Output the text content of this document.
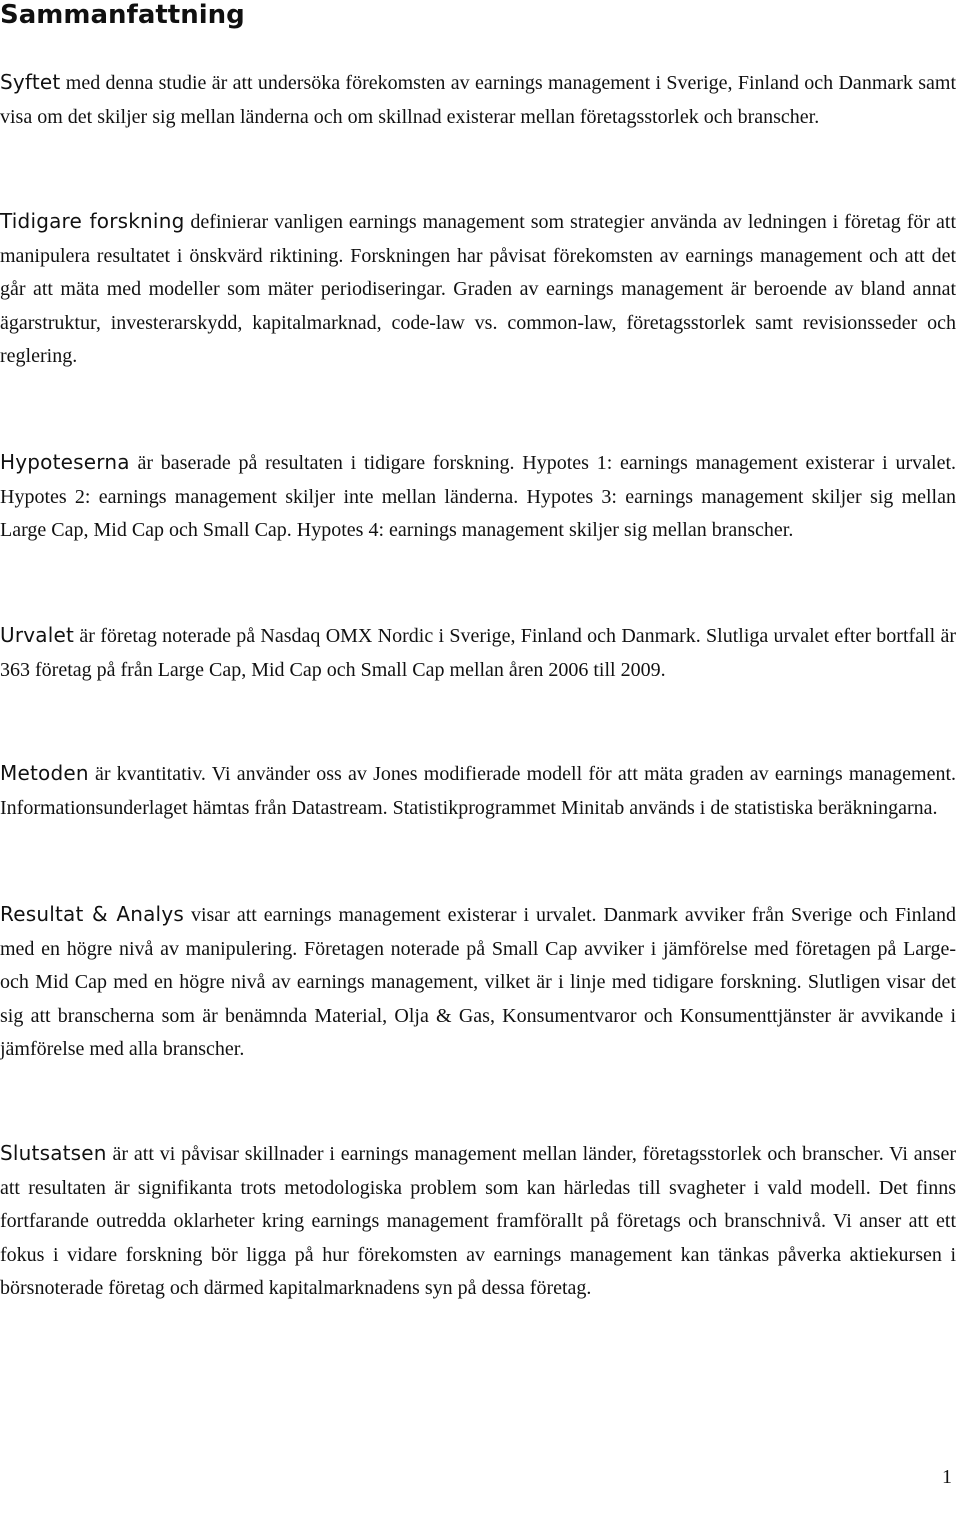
Sammanfattning

Syftet med denna studie är att undersöka förekomsten av earnings management i Sverige, Finland och Danmark samt visa om det skiljer sig mellan länderna och om skillnad existerar mellan företagsstorlek och branscher.

Tidigare forskning definierar vanligen earnings management som strategier använda av ledningen i företag för att manipulera resultatet i önskvärd riktining. Forskningen har påvisat förekomsten av earnings management och att det går att mäta med modeller som mäter periodiseringar. Graden av earnings management är beroende av bland annat ägarstruktur, investerarskydd, kapitalmarknad, code-law vs. common-law, företagsstorlek samt revisionsseder och reglering.

Hypoteserna är baserade på resultaten i tidigare forskning. Hypotes 1: earnings management existerar i urvalet. Hypotes 2: earnings management skiljer inte mellan länderna. Hypotes 3: earnings management skiljer sig mellan Large Cap, Mid Cap och Small Cap. Hypotes 4: earnings management skiljer sig mellan branscher.

Urvalet är företag noterade på Nasdaq OMX Nordic i Sverige, Finland och Danmark. Slutliga urvalet efter bortfall är 363 företag på från Large Cap, Mid Cap och Small Cap mellan åren 2006 till 2009.

Metoden är kvantitativ. Vi använder oss av Jones modifierade modell för att mäta graden av earnings management. Informationsunderlaget hämtas från Datastream. Statistikprogrammet Minitab används i de statistiska beräkningarna.

Resultat & Analys visar att earnings management existerar i urvalet. Danmark avviker från Sverige och Finland med en högre nivå av manipulering. Företagen noterade på Small Cap avviker i jämförelse med företagen på Large- och Mid Cap med en högre nivå av earnings management, vilket är i linje med tidigare forskning. Slutligen visar det sig att branscherna som är benämnda Material, Olja & Gas, Konsumentvaror och Konsumenttjänster är avvikande i jämförelse med alla branscher.

Slutsatsen är att vi påvisar skillnader i earnings management mellan länder, företagsstorlek och branscher. Vi anser att resultaten är signifikanta trots metodologiska problem som kan härledas till svagheter i vald modell. Det finns fortfarande outredda oklarheter kring earnings management framförallt på företags och branschnivå. Vi anser att ett fokus i vidare forskning bör ligga på hur förekomsten av earnings management kan tänkas påverka aktiekursen i börsnoterade företag och därmed kapitalmarknadens syn på dessa företag.

1
